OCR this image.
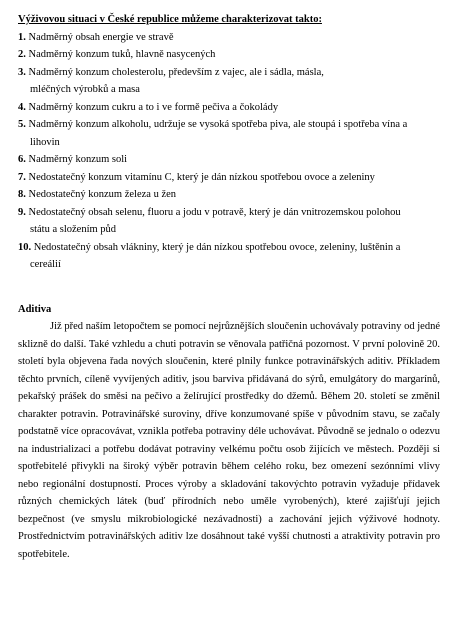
Výživovou situaci v České republice můžeme charakterizovat takto:
1. Nadměrný obsah energie ve stravě
2. Nadměrný konzum tuků, hlavně nasycených
3. Nadměrný konzum cholesterolu, především z vajec, ale i sádla, másla,
mléčných výrobků a masa
4. Nadměrný konzum cukru a to i ve formě pečiva a čokolády
5. Nadměrný konzum alkoholu, udržuje se vysoká spotřeba piva, ale stoupá i spotřeba vína a
lihovin
6. Nadměrný konzum soli
7. Nedostatečný konzum vitamínu C, který je dán nízkou spotřebou ovoce a zeleniny
8. Nedostatečný konzum železa u žen
9. Nedostatečný obsah selenu, fluoru a jodu v potravě, který je dán vnitrozemskou polohou
státu a složením půd
10. Nedostatečný obsah vlákniny, který je dán nízkou spotřebou ovoce, zeleniny, luštěnin a
cereálií
Aditiva

Již před naším letopočtem se pomocí nejrůznějších sloučenin uchovávaly potraviny od jedné sklizně do další. Také vzhledu a chuti potravin se věnovala patřičná pozornost. V první polovině 20. století byla objevena řada nových sloučenin, které plnily funkce potravinářských aditiv. Příkladem těchto prvních, cíleně vyvíjených aditiv, jsou barviva přidávaná do sýrů, emulgátory do margarínů, pekařský prášek do směsi na pečivo a želírující prostředky do džemů. Během 20. století se změnil charakter potravin. Potravinářské suroviny, dříve konzumované spíše v původním stavu, se začaly podstatně více opracovávat, vznikla potřeba potraviny déle uchovávat. Původně se jednalo o odezvu na industrializaci a potřebu dodávat potraviny velkému počtu osob žijících ve městech. Později si spotřebitelé přivykli na široký výběr potravin během celého roku, bez omezení sezónními vlivy nebo regionální dostupností. Proces výroby a skladování takovýchto potravin vyžaduje přídavek různých chemických látek (buď přírodních nebo uměle vyrobených), které zajišťují jejich bezpečnost (ve smyslu mikrobiologické nezávadnosti) a zachování jejich výživové hodnoty. Prostřednictvím potravinářských aditiv lze dosáhnout také vyšší chutnosti a atraktivity potravin pro spotřebitele.
